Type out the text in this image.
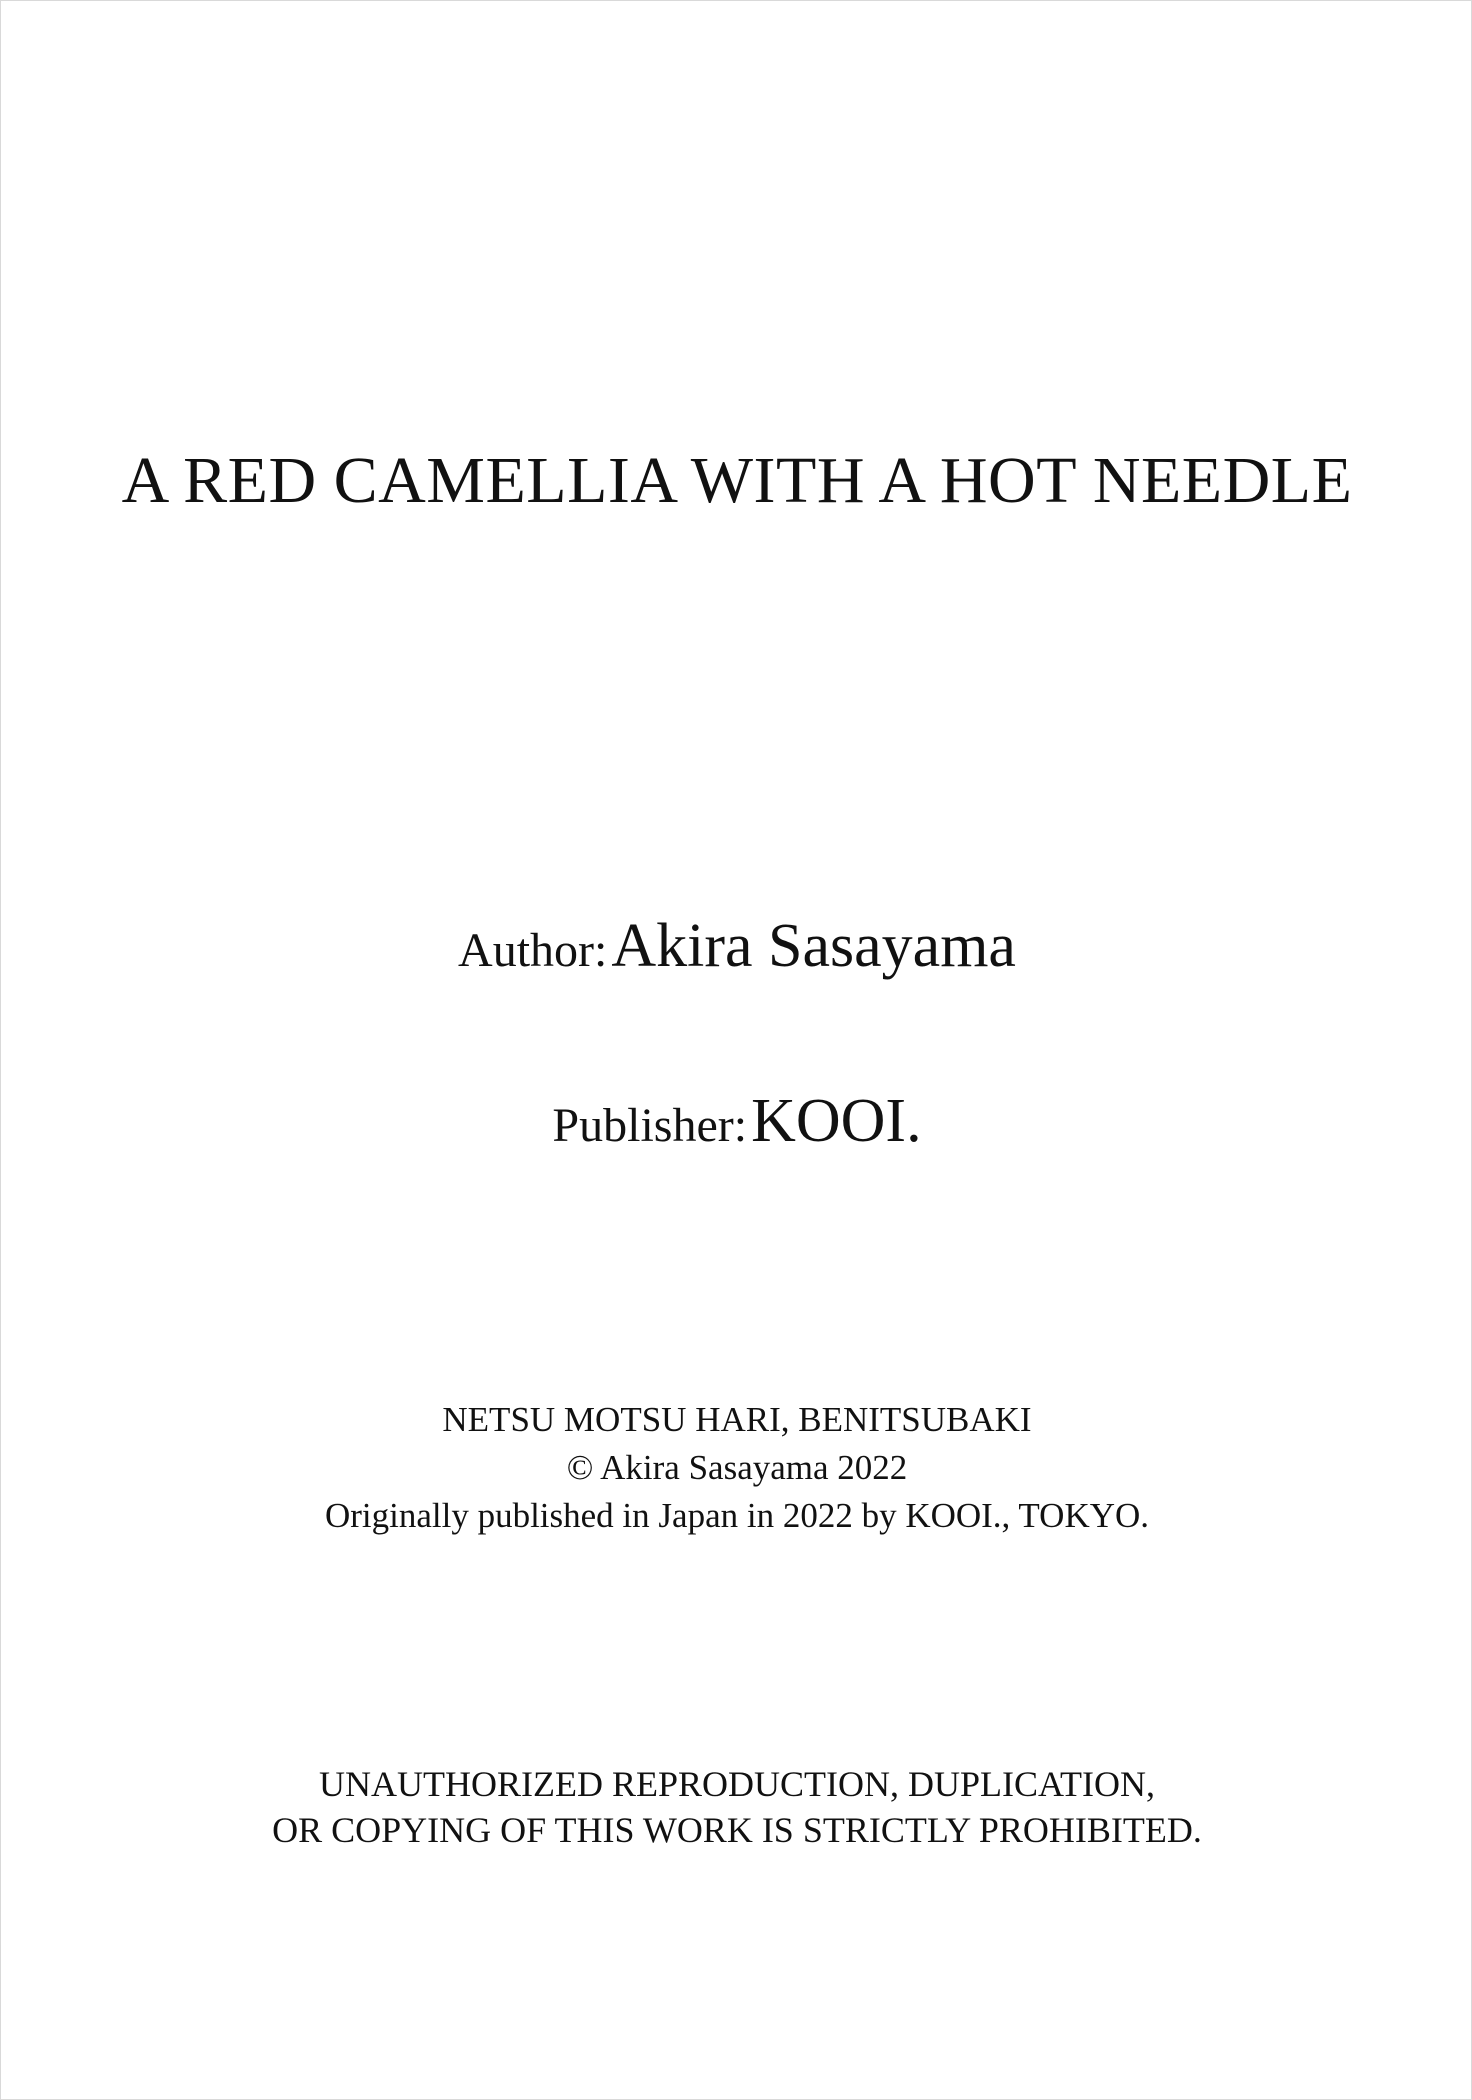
A RED CAMELLIA WITH A HOT NEEDLE
Author: Akira Sasayama
Publisher: KOOI.
NETSU MOTSU HARI, BENITSUBAKI
© Akira Sasayama 2022
Originally published in Japan in 2022 by KOOI., TOKYO.
UNAUTHORIZED REPRODUCTION, DUPLICATION,
OR COPYING OF THIS WORK IS STRICTLY PROHIBITED.
